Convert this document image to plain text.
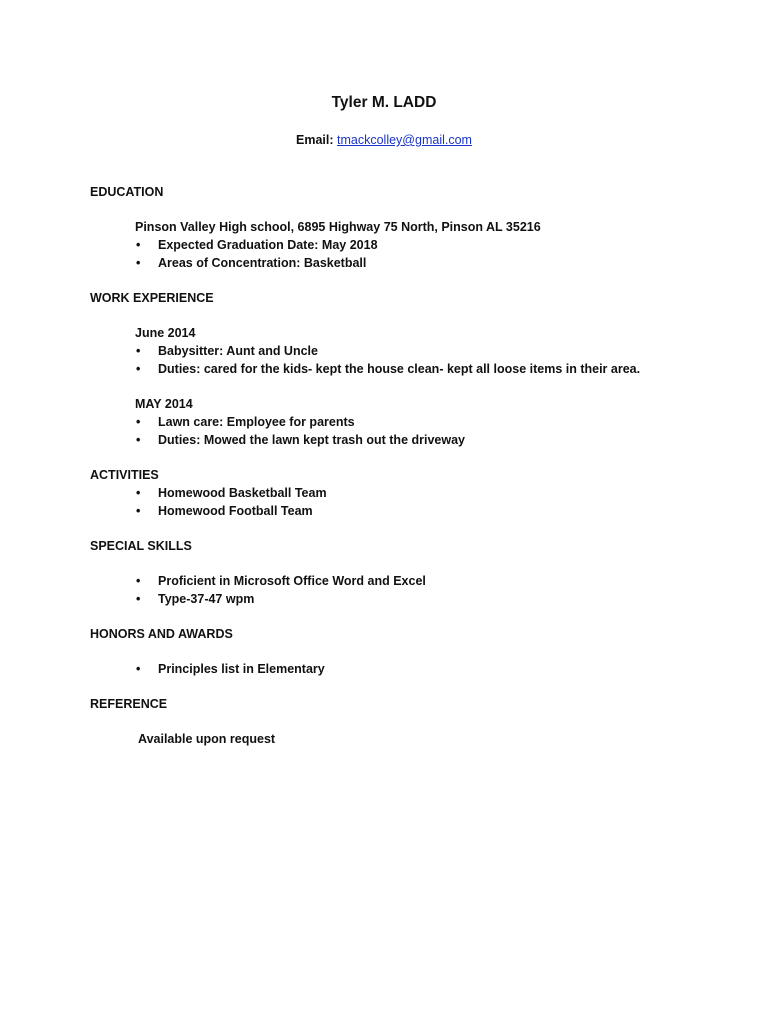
Tyler M. LADD
Email: tmackcolley@gmail.com
EDUCATION
Pinson Valley High school, 6895 Highway 75 North, Pinson AL 35216
• Expected Graduation Date: May 2018
• Areas of Concentration: Basketball
WORK EXPERIENCE
June 2014
• Babysitter: Aunt and Uncle
• Duties: cared for the kids- kept the house clean- kept all loose items in their area.
MAY 2014
• Lawn care: Employee for parents
• Duties: Mowed the lawn kept trash out the driveway
ACTIVITIES
• Homewood Basketball Team
• Homewood Football Team
SPECIAL SKILLS
• Proficient in Microsoft Office Word and Excel
• Type-37-47 wpm
HONORS AND AWARDS
• Principles list in Elementary
REFERENCE
Available upon request
